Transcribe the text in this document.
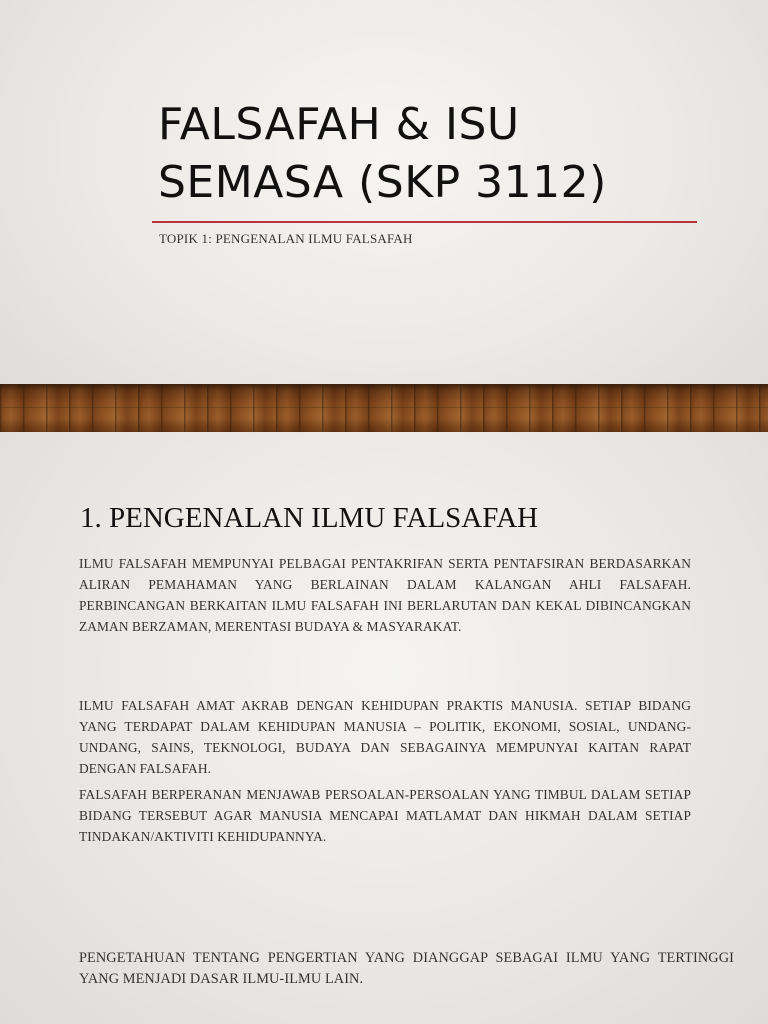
FALSAFAH & ISU
SEMASA (SKP 3112)

TOPIK 1: PENGENALAN ILMU FALSAFAH

1. PENGENALAN ILMU FALSAFAH

ILMU FALSAFAH MEMPUNYAI PELBAGAI PENTAKRIFAN SERTA PENTAFSIRAN BERDASARKAN ALIRAN PEMAHAMAN YANG BERLAINAN DALAM KALANGAN AHLI FALSAFAH. PERBINCANGAN BERKAITAN ILMU FALSAFAH INI BERLARUTAN DAN KEKAL DIBINCANGKAN ZAMAN BERZAMAN, MERENTASI BUDAYA & MASYARAKAT.

ILMU FALSAFAH AMAT AKRAB DENGAN KEHIDUPAN PRAKTIS MANUSIA. SETIAP BIDANG YANG TERDAPAT DALAM KEHIDUPAN MANUSIA – POLITIK, EKONOMI, SOSIAL, UNDANG-UNDANG, SAINS, TEKNOLOGI, BUDAYA DAN SEBAGAINYA MEMPUNYAI KAITAN RAPAT DENGAN FALSAFAH.

FALSAFAH BERPERANAN MENJAWAB PERSOALAN-PERSOALAN YANG TIMBUL DALAM SETIAP BIDANG TERSEBUT AGAR MANUSIA MENCAPAI MATLAMAT DAN HIKMAH DALAM SETIAP TINDAKAN/AKTIVITI KEHIDUPANNYA.

PENGETAHUAN TENTANG PENGERTIAN YANG DIANGGAP SEBAGAI ILMU YANG TERTINGGI YANG MENJADI DASAR ILMU-ILMU LAIN.
